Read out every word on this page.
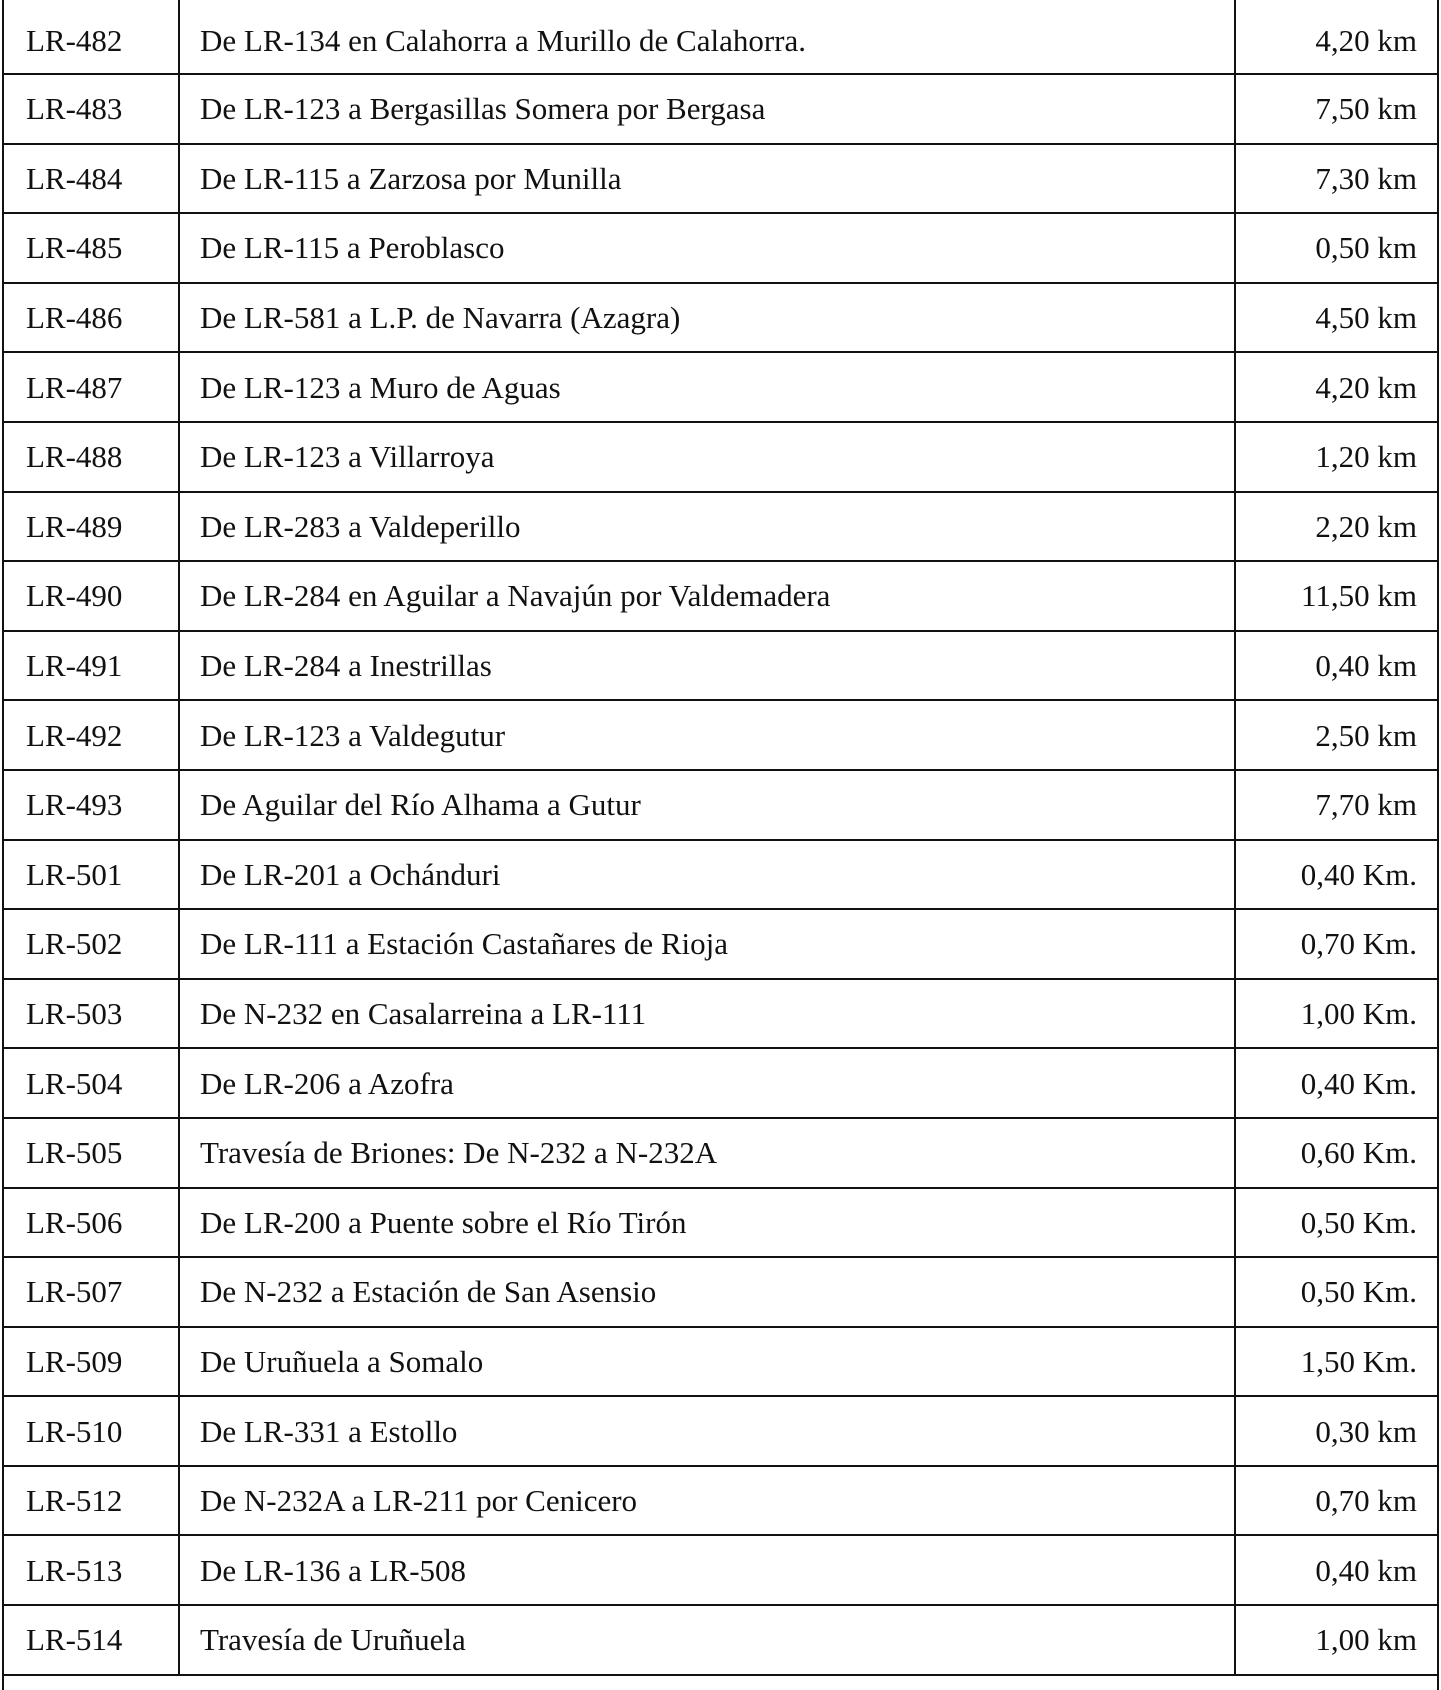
LR-482	De LR-134 en Calahorra a Murillo de Calahorra.	4,20 km
LR-483	De LR-123 a Bergasillas Somera por Bergasa	7,50 km
LR-484	De LR-115 a Zarzosa por Munilla	7,30 km
LR-485	De LR-115 a Peroblasco	0,50 km
LR-486	De LR-581 a L.P. de Navarra (Azagra)	4,50 km
LR-487	De LR-123 a Muro de Aguas	4,20 km
LR-488	De LR-123 a Villarroya	1,20 km
LR-489	De LR-283 a Valdeperillo	2,20 km
LR-490	De LR-284 en Aguilar a Navajún por Valdemadera	11,50 km
LR-491	De LR-284 a Inestrillas	0,40 km
LR-492	De LR-123 a Valdegutur	2,50 km
LR-493	De Aguilar del Río Alhama a Gutur	7,70 km
LR-501	De LR-201 a Ochánduri	0,40 Km.
LR-502	De LR-111 a Estación Castañares de Rioja	0,70 Km.
LR-503	De N-232 en Casalarreina a LR-111	1,00 Km.
LR-504	De LR-206 a Azofra	0,40 Km.
LR-505	Travesía de Briones: De N-232 a N-232A	0,60 Km.
LR-506	De LR-200 a Puente sobre el Río Tirón	0,50 Km.
LR-507	De N-232 a Estación de San Asensio	0,50 Km.
LR-509	De Uruñuela a Somalo	1,50 Km.
LR-510	De LR-331 a Estollo	0,30 km
LR-512	De N-232A a LR-211 por Cenicero	0,70 km
LR-513	De LR-136 a LR-508	0,40 km
LR-514	Travesía de Uruñuela	1,00 km
